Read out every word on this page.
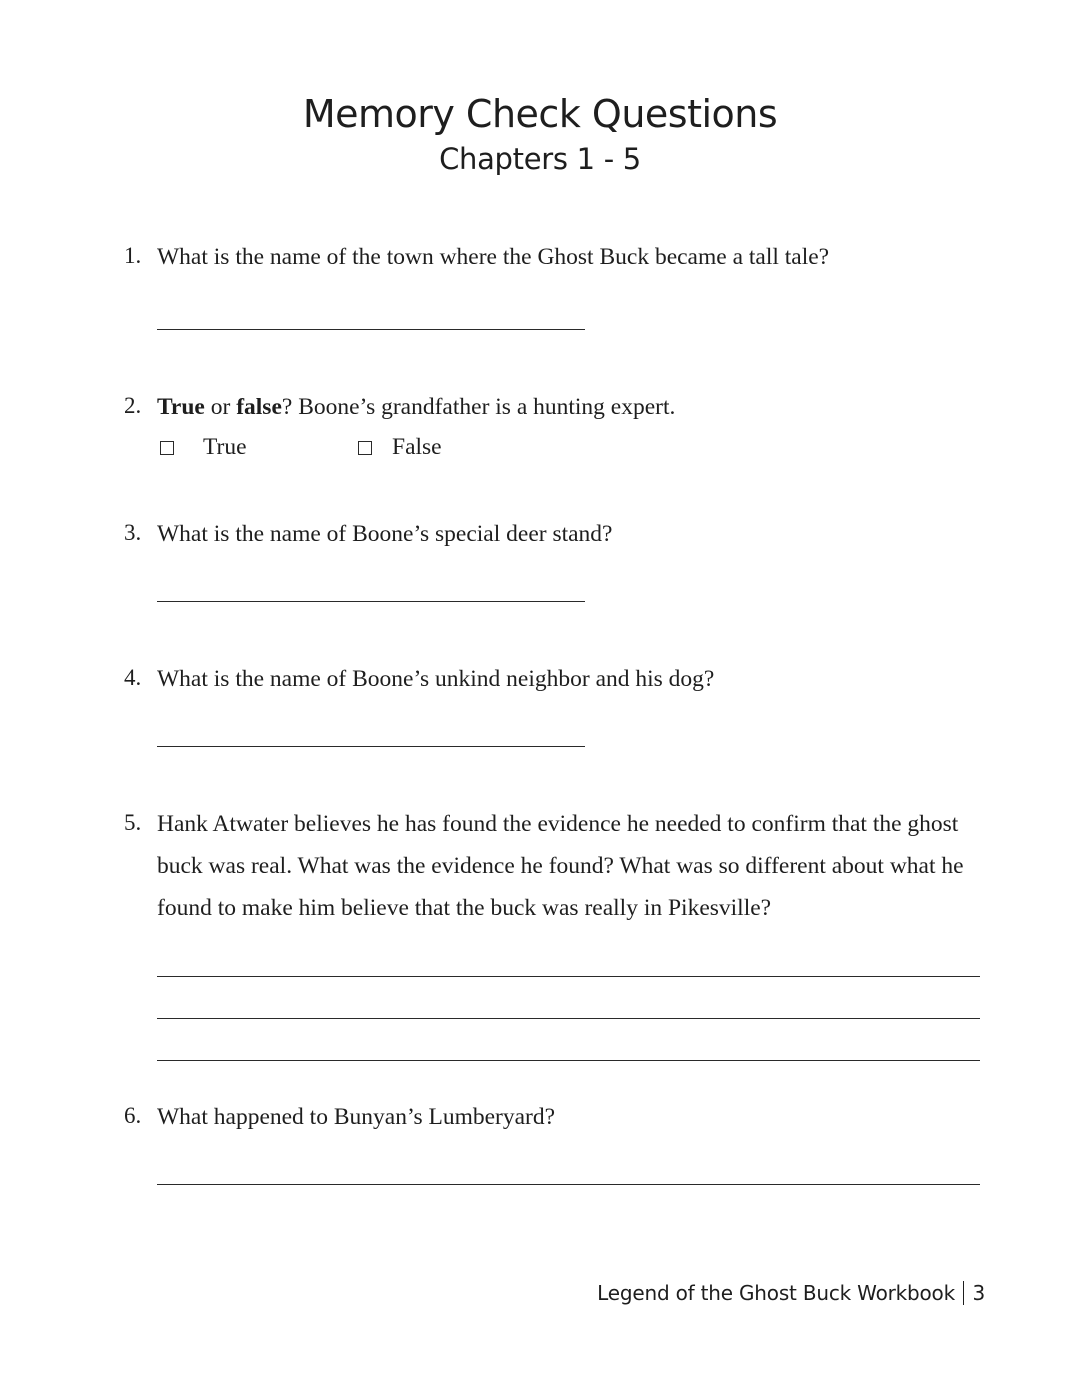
Memory Check Questions
Chapters 1 - 5
1. What is the name of the town where the Ghost Buck became a tall tale?
2. True or false? Boone’s grandfather is a hunting expert.
True	False
3. What is the name of Boone’s special deer stand?
4. What is the name of Boone’s unkind neighbor and his dog?
5. Hank Atwater believes he has found the evidence he needed to confirm that the ghost
buck was real. What was the evidence he found? What was so different about what he
found to make him believe that the buck was really in Pikesville?
6. What happened to Bunyan’s Lumberyard?
Legend of the Ghost Buck Workbook 3
